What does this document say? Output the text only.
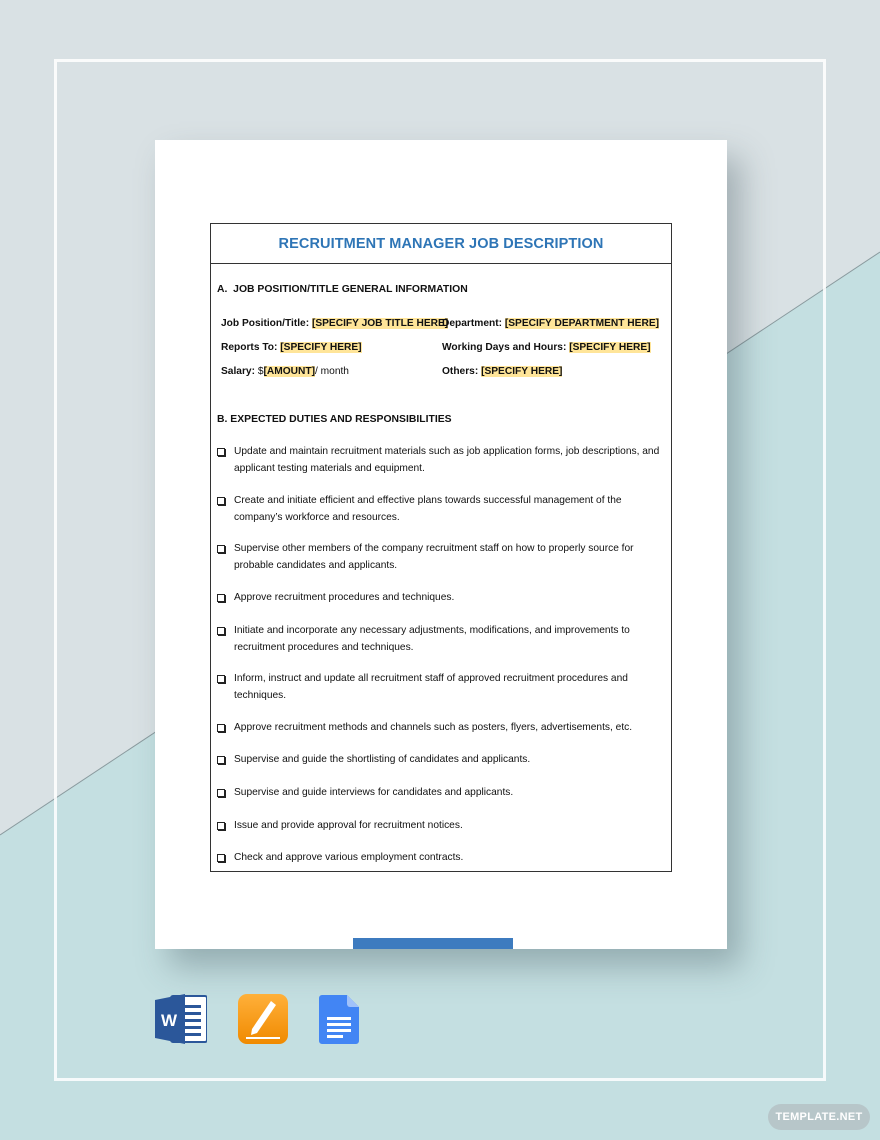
RECRUITMENT MANAGER JOB DESCRIPTION
A.  JOB POSITION/TITLE GENERAL INFORMATION
Job Position/Title: [SPECIFY JOB TITLE HERE]
Department: [SPECIFY DEPARTMENT HERE]
Reports To: [SPECIFY HERE]	Working Days and Hours: [SPECIFY HERE]
Salary: $[AMOUNT]/ month	Others: [SPECIFY HERE]
B. EXPECTED DUTIES AND RESPONSIBILITIES
Update and maintain recruitment materials such as job application forms, job descriptions, and applicant testing materials and equipment.
Create and initiate efficient and effective plans towards successful management of the company’s workforce and resources.
Supervise other members of the company recruitment staff on how to properly source for probable candidates and applicants.
Approve recruitment procedures and techniques.
Initiate and incorporate any necessary adjustments, modifications, and improvements to recruitment procedures and techniques.
Inform, instruct and update all recruitment staff of approved recruitment procedures and techniques.
Approve recruitment methods and channels such as posters, flyers, advertisements, etc.
Supervise and guide the shortlisting of candidates and applicants.
Supervise and guide interviews for candidates and applicants.
Issue and provide approval for recruitment notices.
Check and approve various employment contracts.
W
TEMPLATE.NET
